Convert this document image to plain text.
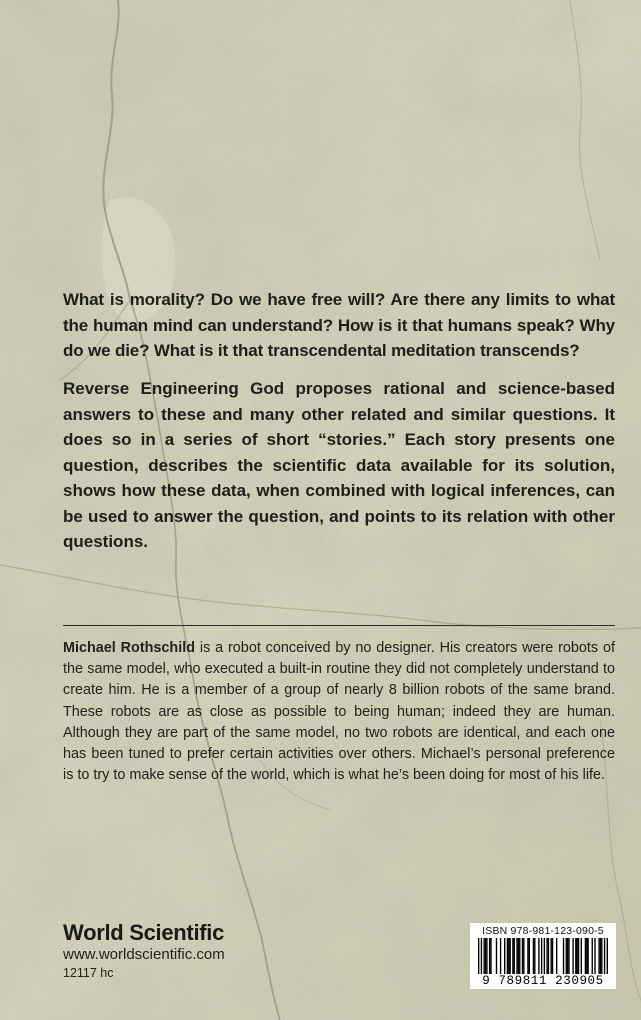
What is morality? Do we have free will? Are there any limits to what the human mind can understand? How is it that humans speak? Why do we die? What is it that transcendental meditation transcends?

Reverse Engineering God proposes rational and science-based answers to these and many other related and similar questions. It does so in a series of short “stories.” Each story presents one question, describes the scientific data available for its solution, shows how these data, when combined with logical inferences, can be used to answer the question, and points to its relation with other questions.

Michael Rothschild is a robot conceived by no designer. His creators were robots of the same model, who executed a built-in routine they did not completely understand to create him. He is a member of a group of nearly 8 billion robots of the same brand. These robots are as close as possible to being human; indeed they are human. Although they are part of the same model, no two robots are identical, and each one has been tuned to prefer certain activities over others. Michael’s personal preference is to try to make sense of the world, which is what he’s been doing for most of his life.

World Scientific
www.worldscientific.com
12117 hc
ISBN 978-981-123-090-5
9 789811 230905
